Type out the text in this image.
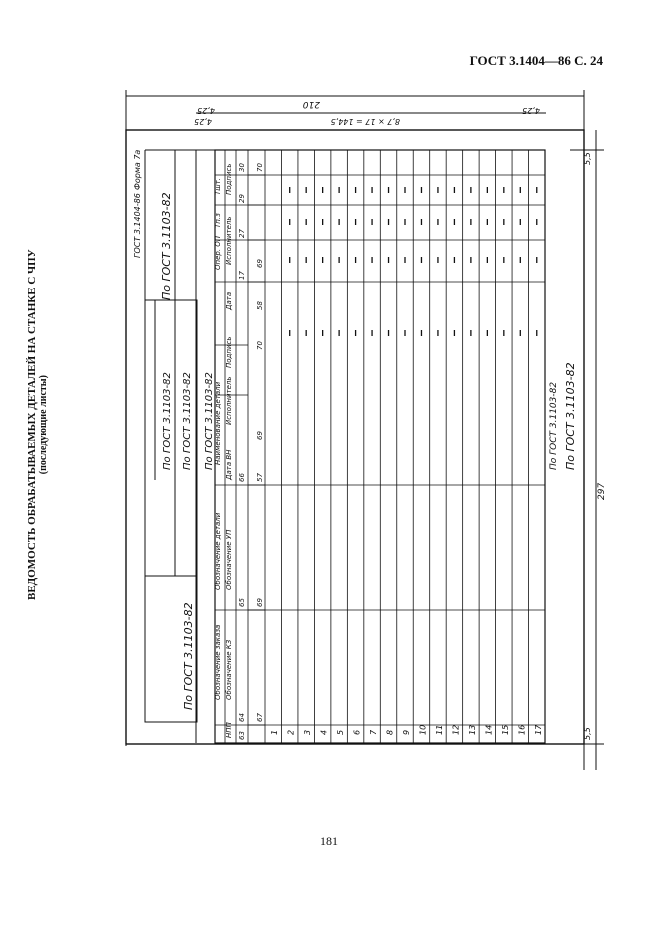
ГОСТ 3.1404—86 С. 24
ВЕДОМОСТЬ ОБРАБАТЫВАЕМЫХ ДЕТАЛЕЙ НА СТАНКЕ С ЧПУ (последующие листы)
1 2 3 4 5 6 7 8 9 10 11 12 13 14 15 16 17
НПП
Обозначение заказа Обозначение КЗ
Обозначение детали Обозначение УП
Наименование детали Дата ВН
Исполнитель
Подпись
Дата
Опер. ОП
Тп.з Исполнитель
Тшт. Подпись
63
64
65
66
17
27
29
30
67
69
57
69
70
58
69
70
По ГОСТ 3.1103-82
По ГОСТ 3.1103-82 По ГОСТ 3.1103-82 По ГОСТ 3.1103-82
По ГОСТ 3.1103-82
По ГОСТ 3.1103-82 По ГОСТ 3.1103-82
ГОСТ 3.1404-86
Форма 7а
210
8,7 × 17 = 144,5
4,25
4,25
4,25
297
5,5
5,5
181
